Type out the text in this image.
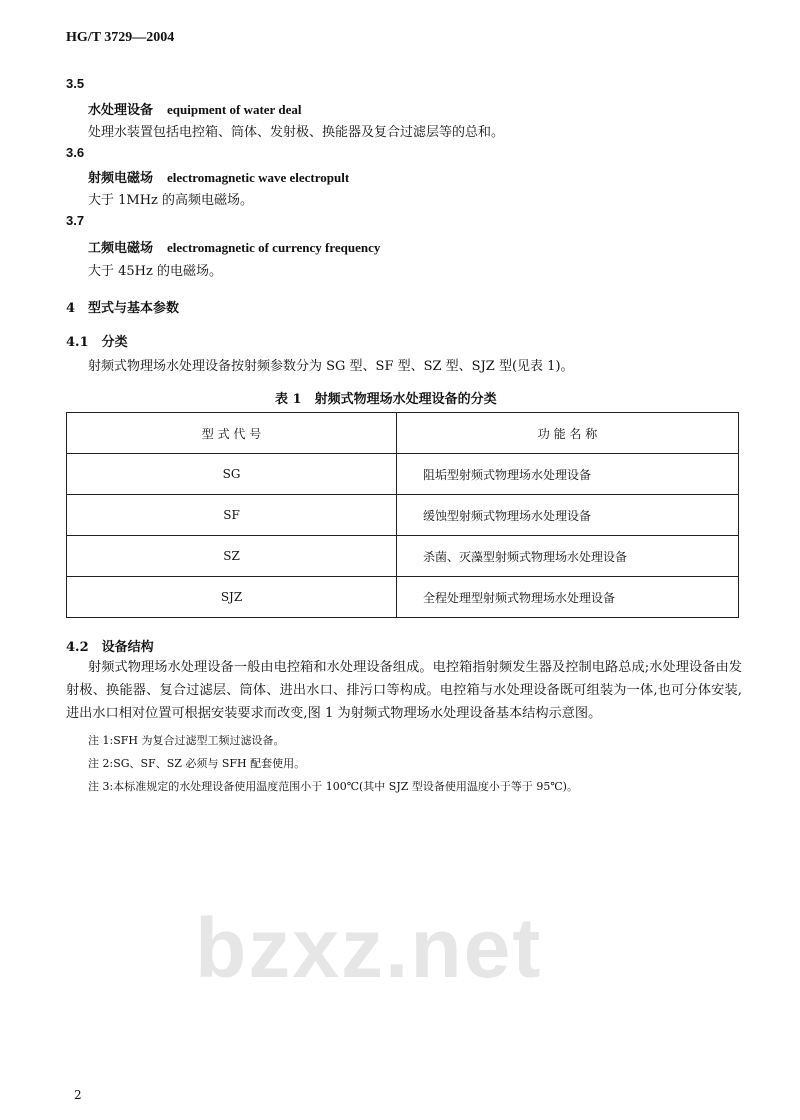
bzxz.net
HG/T 3729—2004
3.5
水处理设备 equipment of water deal
处理水装置包括电控箱、筒体、发射极、换能器及复合过滤层等的总和。
3.6
射频电磁场 electromagnetic wave electropult
大于 1MHz 的高频电磁场。
3.7
工频电磁场 electromagnetic of currency frequency
大于 45Hz 的电磁场。
4　型式与基本参数
4.1　分类
射频式物理场水处理设备按射频参数分为 SG 型、SF 型、SZ 型、SJZ 型(见表 1)。
表 1　射频式物理场水处理设备的分类
型 式 代 号	功 能 名 称
SG	阻垢型射频式物理场水处理设备
SF	缓蚀型射频式物理场水处理设备
SZ	杀菌、灭藻型射频式物理场水处理设备
SJZ	全程处理型射频式物理场水处理设备
4.2　设备结构

射频式物理场水处理设备一般由电控箱和水处理设备组成。电控箱指射频发生器及控制电路总成;水处理设备由发射极、换能器、复合过滤层、筒体、进出水口、排污口等构成。电控箱与水处理设备既可组装为一体,也可分体安装,进出水口相对位置可根据安装要求而改变,图 1 为射频式物理场水处理设备基本结构示意图。

注 1:SFH 为复合过滤型工频过滤设备。
注 2:SG、SF、SZ 必须与 SFH 配套使用。
注 3:本标准规定的水处理设备使用温度范围小于 100℃(其中 SJZ 型设备使用温度小于等于 95℃)。
2
